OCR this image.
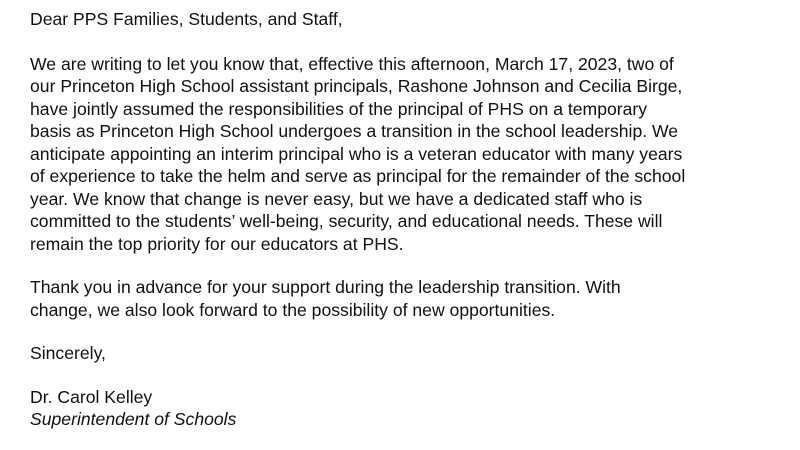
Dear PPS Families, Students, and Staff,

We are writing to let you know that, effective this afternoon, March 17, 2023, two of
our Princeton High School assistant principals, Rashone Johnson and Cecilia Birge,
have jointly assumed the responsibilities of the principal of PHS on a temporary
basis as Princeton High School undergoes a transition in the school leadership. We
anticipate appointing an interim principal who is a veteran educator with many years
of experience to take the helm and serve as principal for the remainder of the school
year. We know that change is never easy, but we have a dedicated staff who is
committed to the students’ well-being, security, and educational needs. These will
remain the top priority for our educators at PHS.

Thank you in advance for your support during the leadership transition. With
change, we also look forward to the possibility of new opportunities.

Sincerely,

Dr. Carol Kelley

Superintendent of Schools
